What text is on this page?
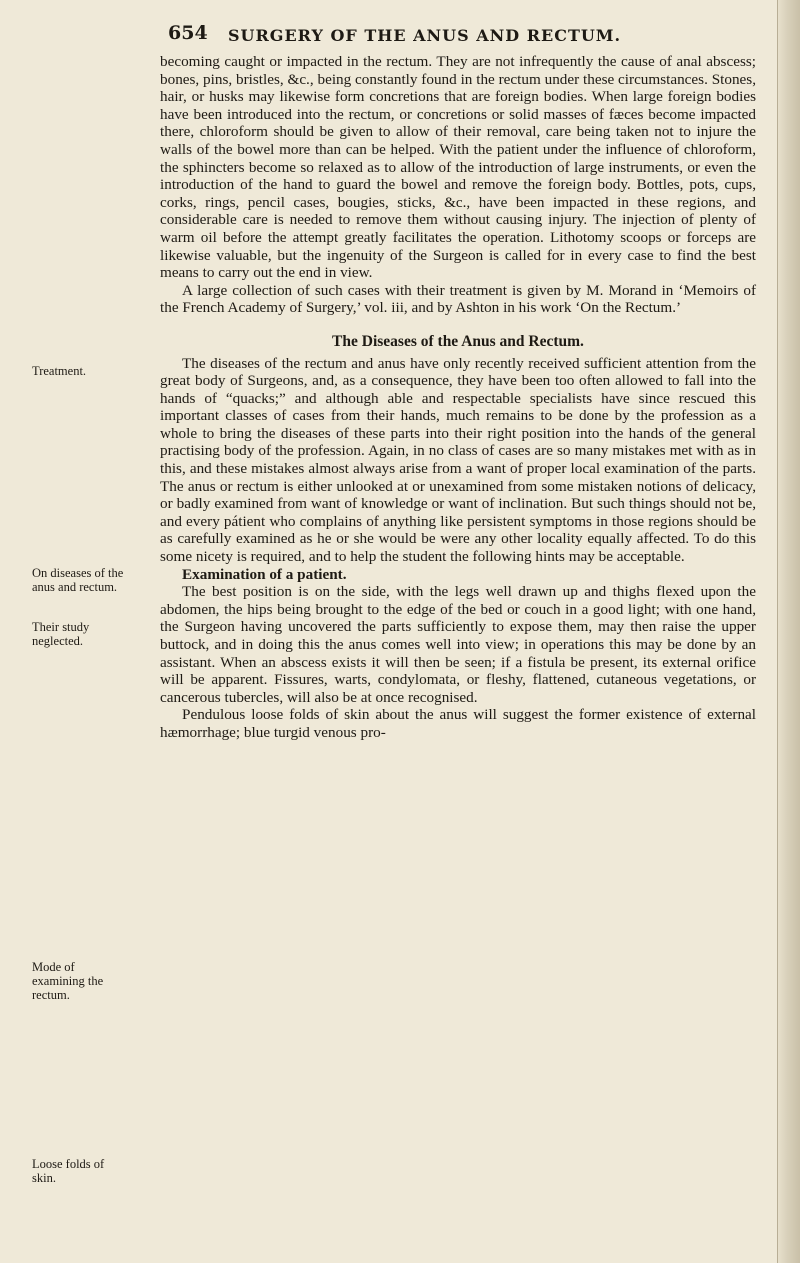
654 SURGERY OF THE ANUS AND RECTUM.
Treatment.
On diseases of the anus and rectum.
Their study neglected.
Mode of examining the rectum.
Loose folds of skin.

becoming caught or impacted in the rectum. They are not infrequently the cause of anal abscess; bones, pins, bristles, &c., being constantly found in the rectum under these circumstances. Stones, hair, or husks may likewise form concretions that are foreign bodies. When large foreign bodies have been introduced into the rectum, or concretions or solid masses of fæces become impacted there, chloroform should be given to allow of their removal, care being taken not to injure the walls of the bowel more than can be helped. With the patient under the influence of chloroform, the sphincters become so relaxed as to allow of the introduction of large instruments, or even the introduction of the hand to guard the bowel and remove the foreign body. Bottles, pots, cups, corks, rings, pencil cases, bougies, sticks, &c., have been impacted in these regions, and considerable care is needed to remove them without causing injury. The injection of plenty of warm oil before the attempt greatly facilitates the operation. Lithotomy scoops or forceps are likewise valuable, but the ingenuity of the Surgeon is called for in every case to find the best means to carry out the end in view.

A large collection of such cases with their treatment is given by M. Morand in ‘Memoirs of the French Academy of Surgery,’ vol. iii, and by Ashton in his work ‘On the Rectum.’

The Diseases of the Anus and Rectum.

The diseases of the rectum and anus have only recently received sufficient attention from the great body of Surgeons, and, as a consequence, they have been too often allowed to fall into the hands of “quacks;” and although able and respectable specialists have since rescued this important classes of cases from their hands, much remains to be done by the profession as a whole to bring the diseases of these parts into their right position into the hands of the general practising body of the profession. Again, in no class of cases are so many mistakes met with as in this, and these mistakes almost always arise from a want of proper local examination of the parts. The anus or rectum is either unlooked at or unexamined from some mistaken notions of delicacy, or badly examined from want of knowledge or want of inclination. But such things should not be, and every pátient who complains of anything like persistent symptoms in those regions should be as carefully examined as he or she would be were any other locality equally affected. To do this some nicety is required, and to help the student the following hints may be acceptable.

Examination of a patient.

The best position is on the side, with the legs well drawn up and thighs flexed upon the abdomen, the hips being brought to the edge of the bed or couch in a good light; with one hand, the Surgeon having uncovered the parts sufficiently to expose them, may then raise the upper buttock, and in doing this the anus comes well into view; in operations this may be done by an assistant. When an abscess exists it will then be seen; if a fistula be present, its external orifice will be apparent. Fissures, warts, condylomata, or fleshy, flattened, cutaneous vegetations, or cancerous tubercles, will also be at once recognised.

Pendulous loose folds of skin about the anus will suggest the former existence of external hæmorrhage; blue turgid venous pro-
